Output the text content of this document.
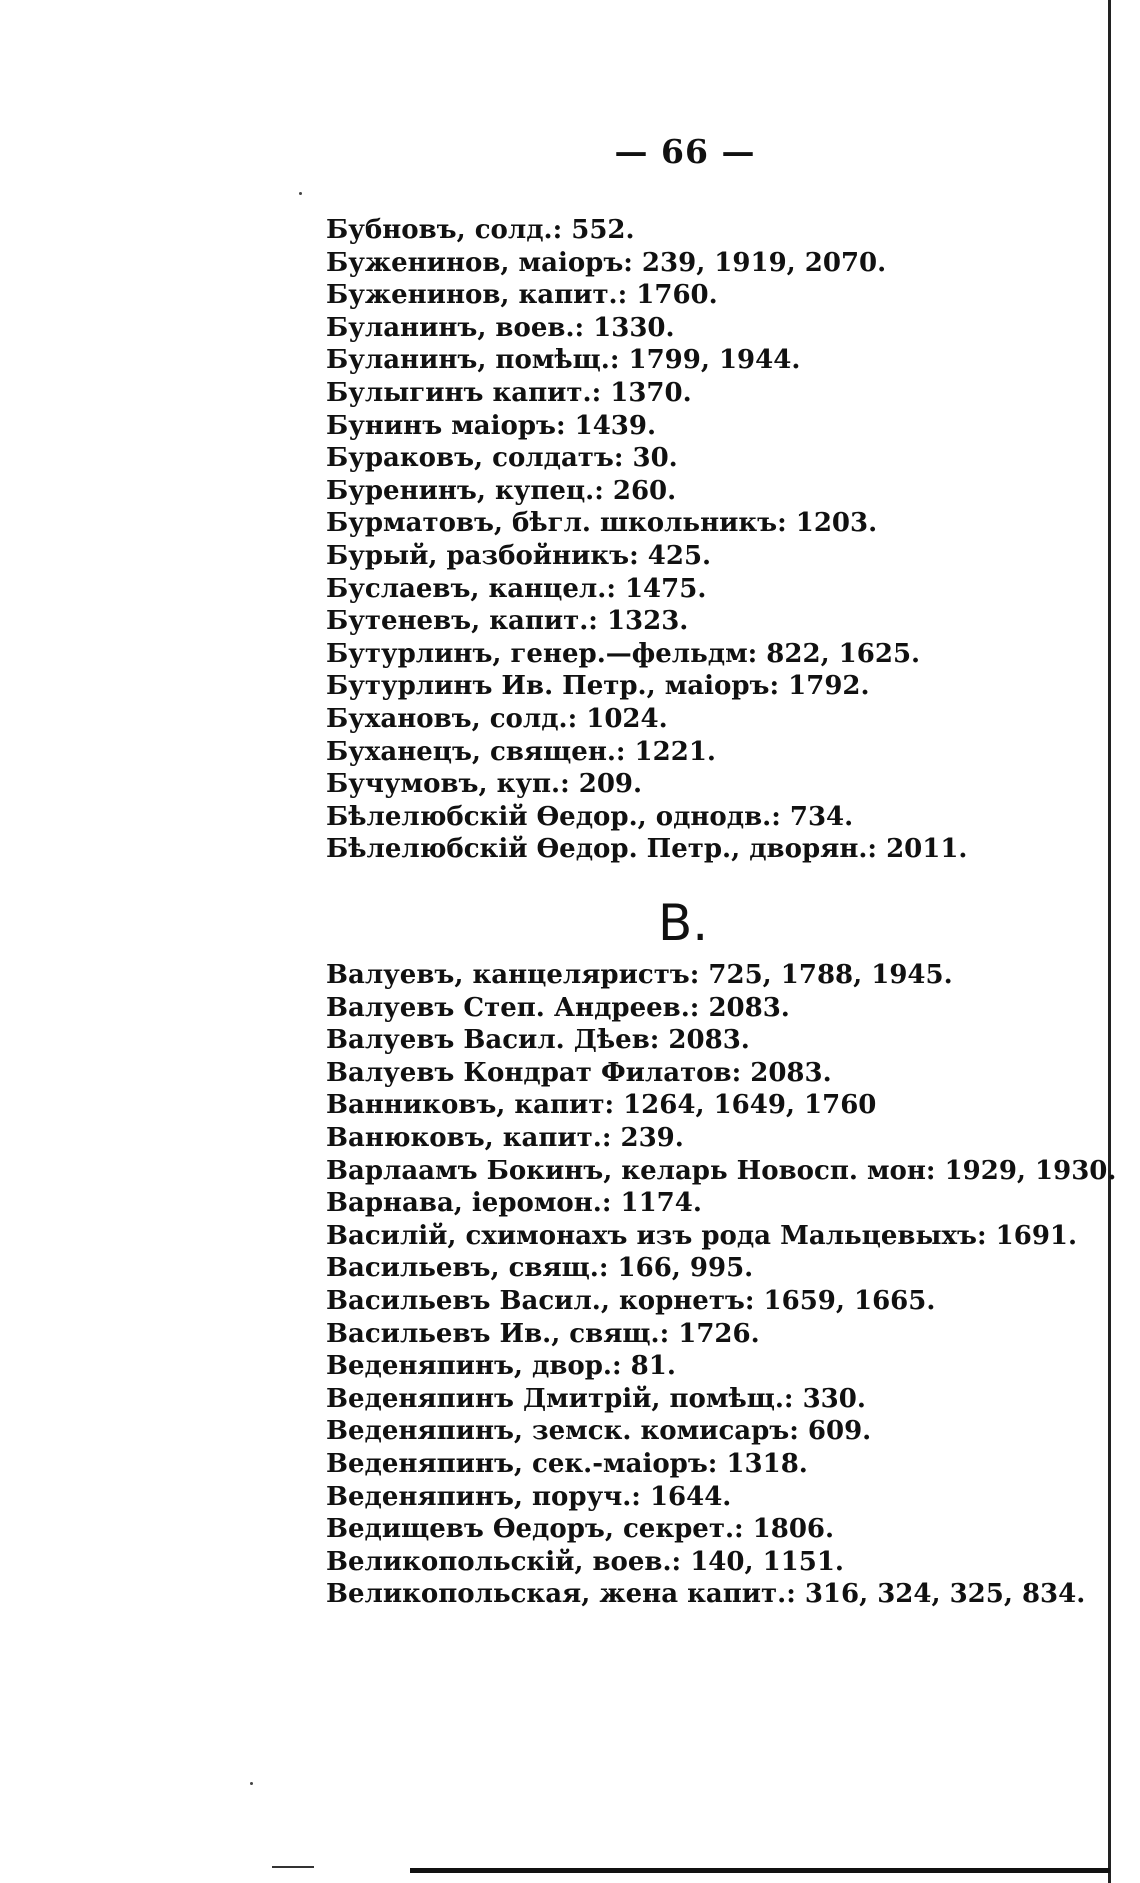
— 66 —
Бубновъ, солд.: 552.
Буженинов, маіоръ: 239, 1919, 2070.
Буженинов, капит.: 1760.
Буланинъ, воев.: 1330.
Буланинъ, помѣщ.: 1799, 1944.
Булыгинъ капит.: 1370.
Бунинъ маіоръ: 1439.
Бураковъ, солдатъ: 30.
Буренинъ, купец.: 260.
Бурматовъ, бѣгл. школьникъ: 1203.
Бурый, разбойникъ: 425.
Буслаевъ, канцел.: 1475.
Бутеневъ, капит.: 1323.
Бутурлинъ, генер.—фельдм: 822, 1625.
Бутурлинъ Ив. Петр., маіоръ: 1792.
Бухановъ, солд.: 1024.
Буханецъ, священ.: 1221.
Бучумовъ, куп.: 209.
Бѣлелюбскій Ѳедор., однодв.: 734.
Бѣлелюбскій Ѳедор. Петр., дворян.: 2011.
В.
Валуевъ, канцеляристъ: 725, 1788, 1945.
Валуевъ Степ. Андреев.: 2083.
Валуевъ Васил. Дѣев: 2083.
Валуевъ Кондрат Филатов: 2083.
Ванниковъ, капит: 1264, 1649, 1760
Ванюковъ, капит.: 239.
Варлаамъ Бокинъ, келарь Новосп. мон: 1929, 1930.
Варнава, іеромон.: 1174.
Василій, схимонахъ изъ рода Мальцевыхъ: 1691.
Васильевъ, свящ.: 166, 995.
Васильевъ Васил., корнетъ: 1659, 1665.
Васильевъ Ив., свящ.: 1726.
Веденяпинъ, двор.: 81.
Веденяпинъ Дмитрій, помѣщ.: 330.
Веденяпинъ, земск. комисаръ: 609.
Веденяпинъ, сек.-маіоръ: 1318.
Веденяпинъ, поруч.: 1644.
Ведищевъ Ѳедоръ, секрет.: 1806.
Великопольскій, воев.: 140, 1151.
Великопольская, жена капит.: 316, 324, 325, 834.
